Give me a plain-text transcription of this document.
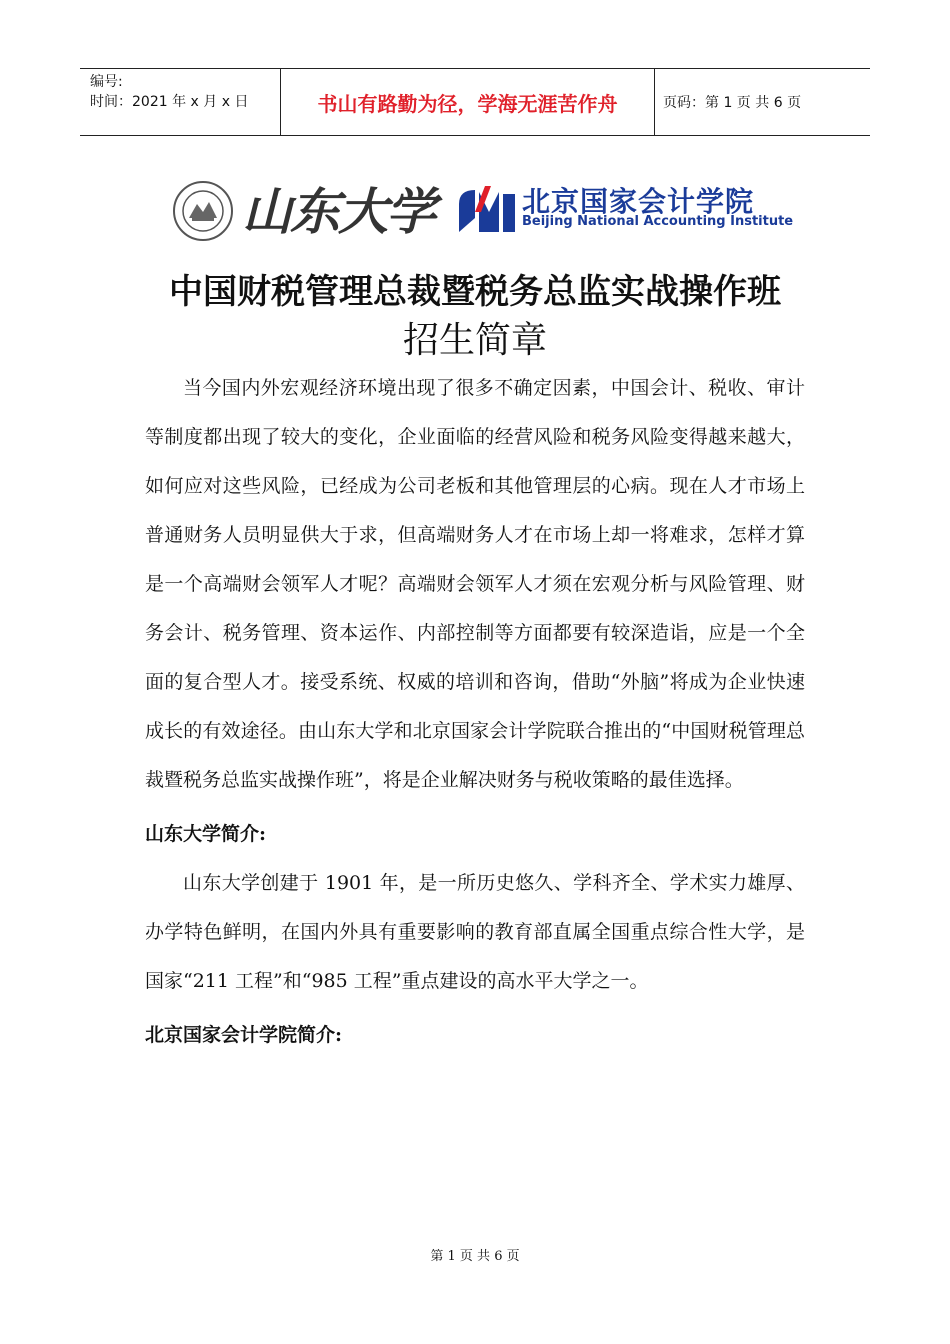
编号:
时间：2021 年 x 月 x 日	书山有路勤为径，学海无涯苦作舟	页码：第 1 页 共 6 页
山东大学	北京国家会计学院
Beijing National Accounting Institute
中国财税管理总裁暨税务总监实战操作班
招生简章

当今国内外宏观经济环境出现了很多不确定因素，中国会计、税收、审计等制度都出现了较大的变化，企业面临的经营风险和税务风险变得越来越大，如何应对这些风险，已经成为公司老板和其他管理层的心病。现在人才市场上普通财务人员明显供大于求，但高端财务人才在市场上却一将难求，怎样才算是一个高端财会领军人才呢？高端财会领军人才须在宏观分析与风险管理、财务会计、税务管理、资本运作、内部控制等方面都要有较深造诣，应是一个全面的复合型人才。接受系统、权威的培训和咨询，借助“外脑”将成为企业快速成长的有效途径。由山东大学和北京国家会计学院联合推出的“中国财税管理总裁暨税务总监实战操作班”，将是企业解决财务与税收策略的最佳选择。

山东大学简介:

山东大学创建于 1901 年，是一所历史悠久、学科齐全、学术实力雄厚、办学特色鲜明，在国内外具有重要影响的教育部直属全国重点综合性大学，是国家“211 工程”和“985 工程”重点建设的高水平大学之一。

北京国家会计学院简介:
第 1 页 共 6 页
